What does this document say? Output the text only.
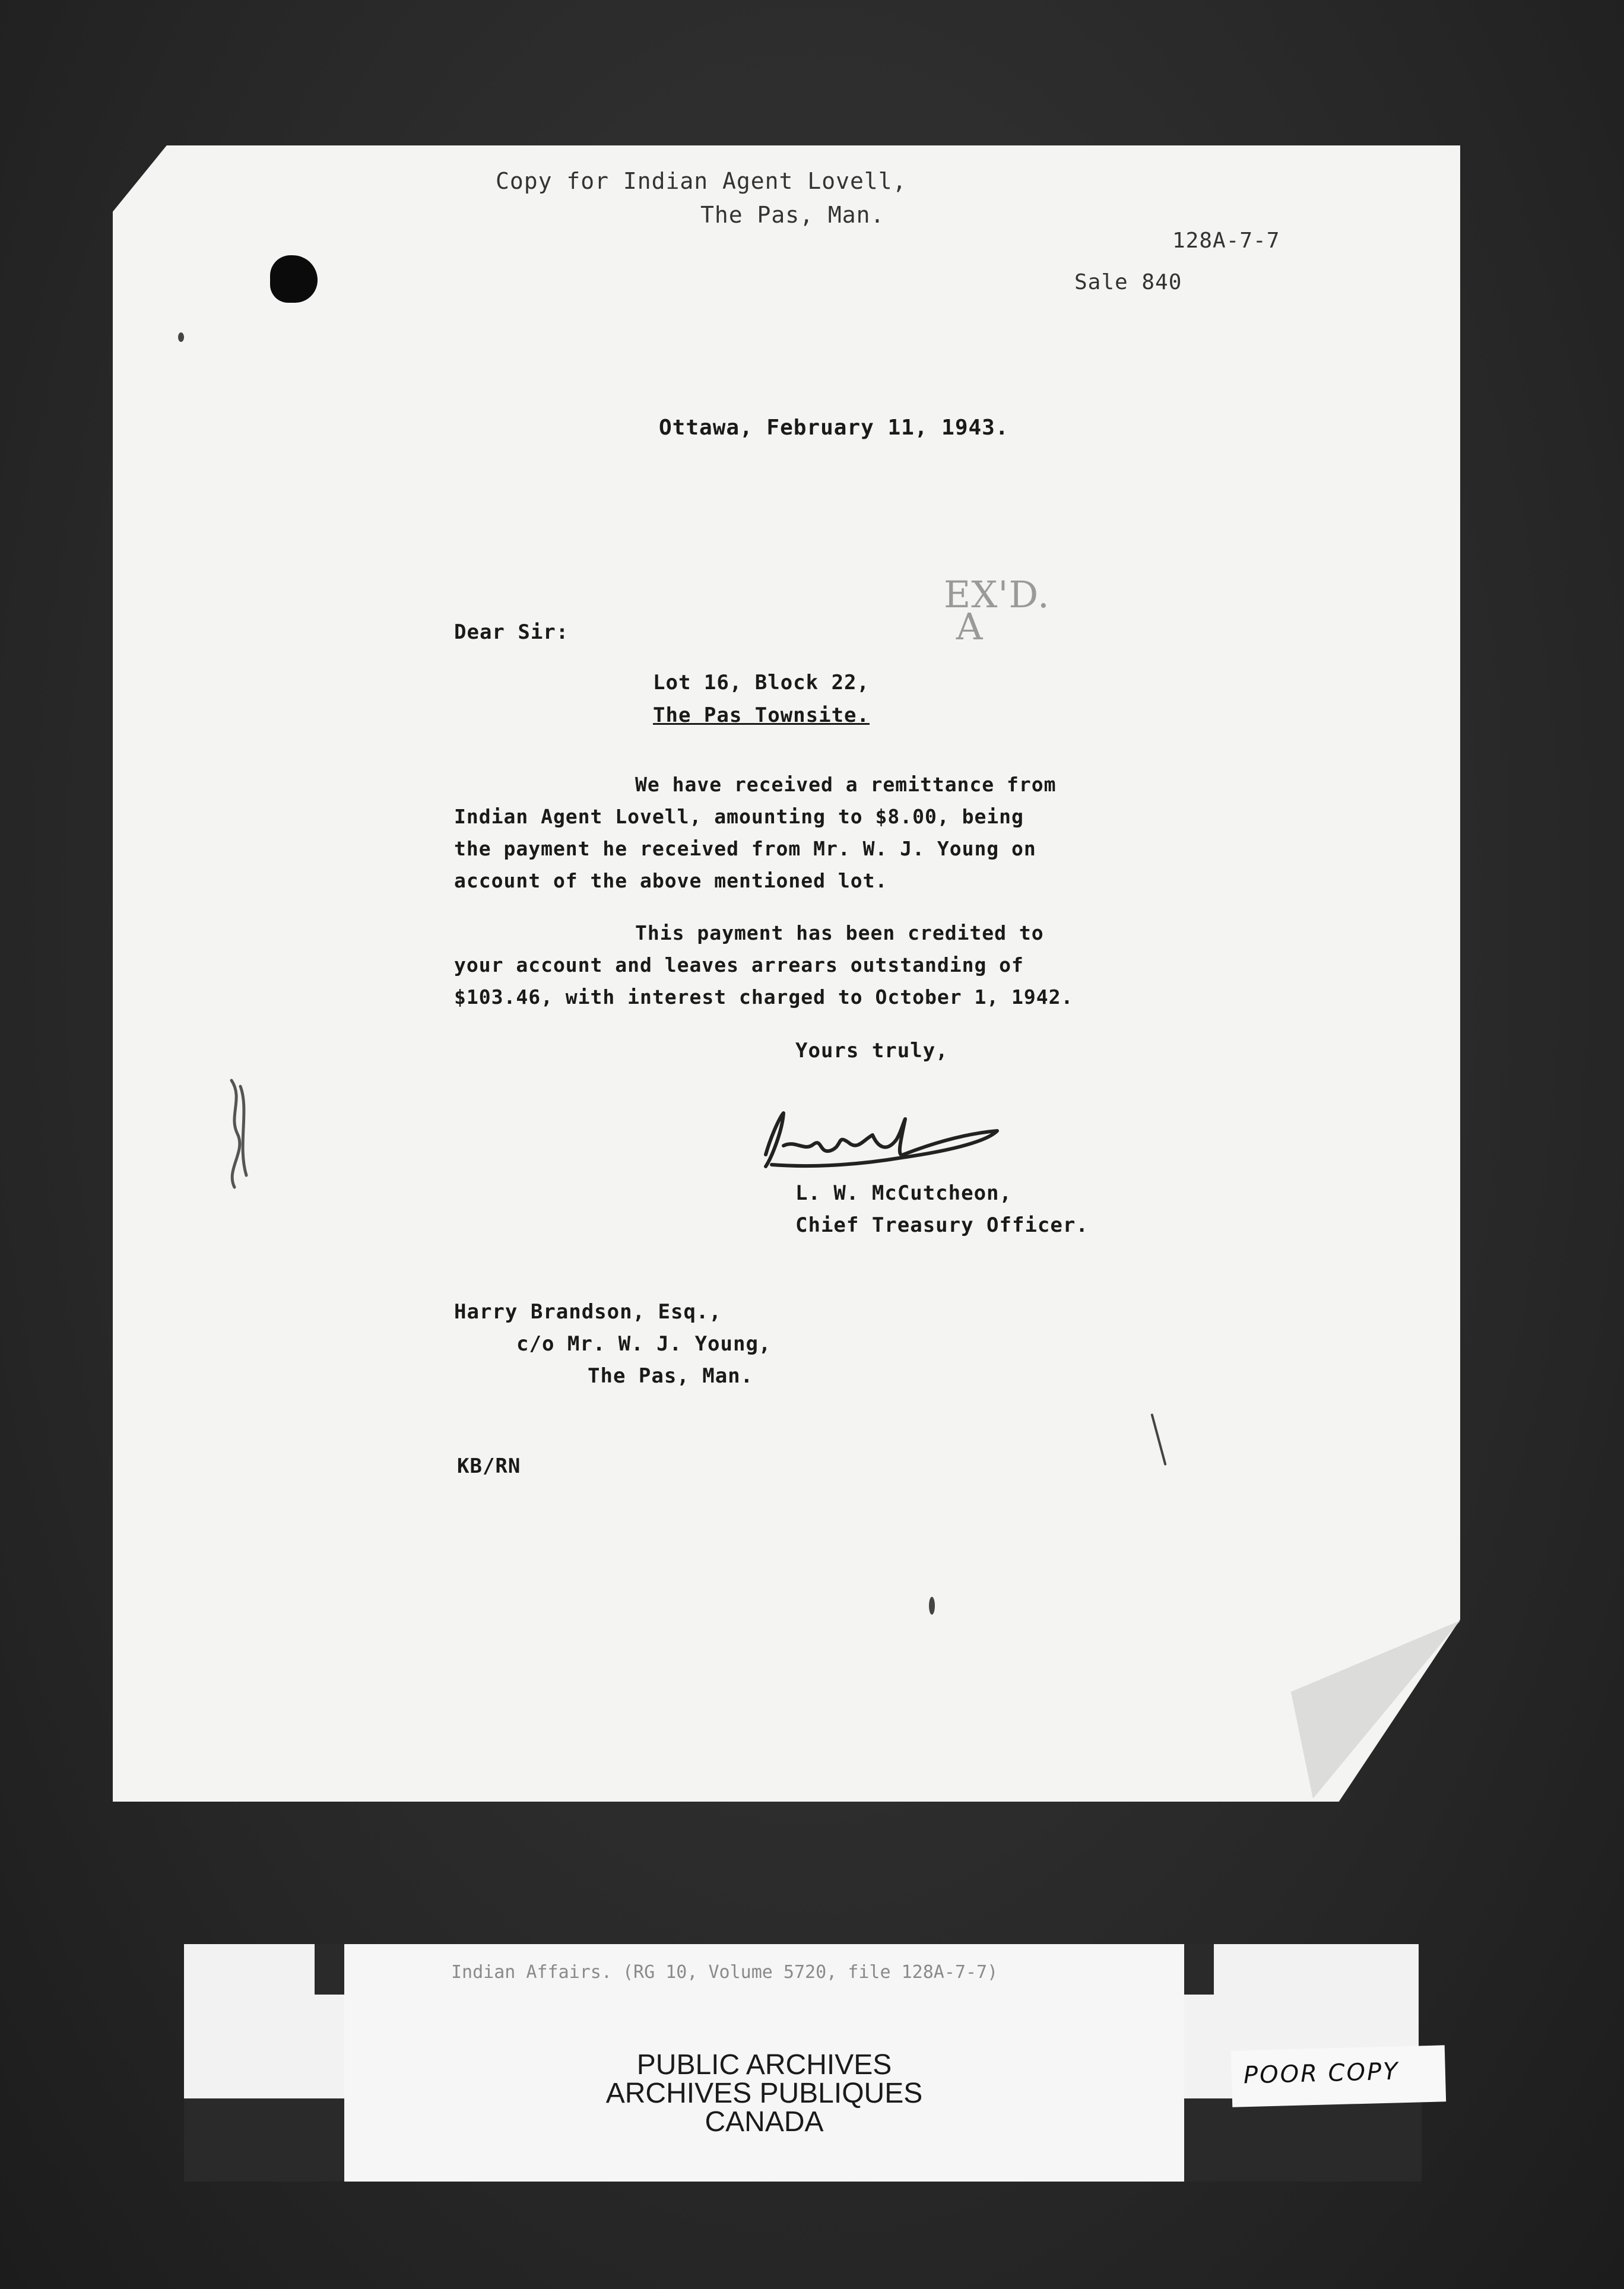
Copy for Indian Agent Lovell,
The Pas, Man.
128A-7-7
Sale 840
Ottawa, February 11, 1943.
EX'D.
A
Dear Sir:
Lot 16, Block 22,
The Pas Townsite.
We have received a remittance from
Indian Agent Lovell, amounting to $8.00, being
the payment he received from Mr. W. J. Young on
account of the above mentioned lot.
This payment has been credited to
your account and leaves arrears outstanding of
$103.46, with interest charged to October 1, 1942.
Yours truly,
L. W. McCutcheon,
Chief Treasury Officer.
Harry Brandson, Esq.,
c/o Mr. W. J. Young,
The Pas, Man.
KB/RN
Indian Affairs. (RG 10, Volume 5720, file 128A-7-7)
PUBLIC ARCHIVES
ARCHIVES PUBLIQUES
CANADA
POOR COPY
